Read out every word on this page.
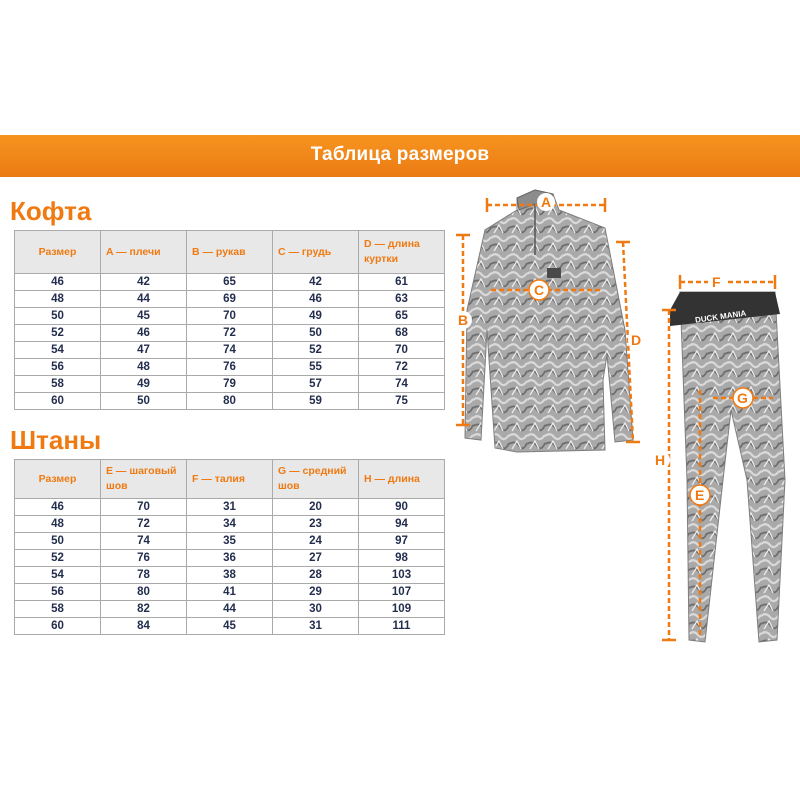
Таблица размеров
Кофта
Размер	A — плечи	B — рукав	C — грудь	D — длина куртки
46	42	65	42	61
48	44	69	46	63
50	45	70	49	65
52	46	72	50	68
54	47	74	52	70
56	48	76	55	72
58	49	79	57	74
60	50	80	59	75
Штаны
Размер	E — шаговый шов	F — талия	G — средний шов	H — длина
46	70	31	20	90
48	72	34	23	94
50	74	35	24	97
52	76	36	27	98
54	78	38	28	103
56	80	41	29	107
58	82	44	30	109
60	84	45	31	111
DUCK MANIA
A
B
C
D
E
F
G
H
